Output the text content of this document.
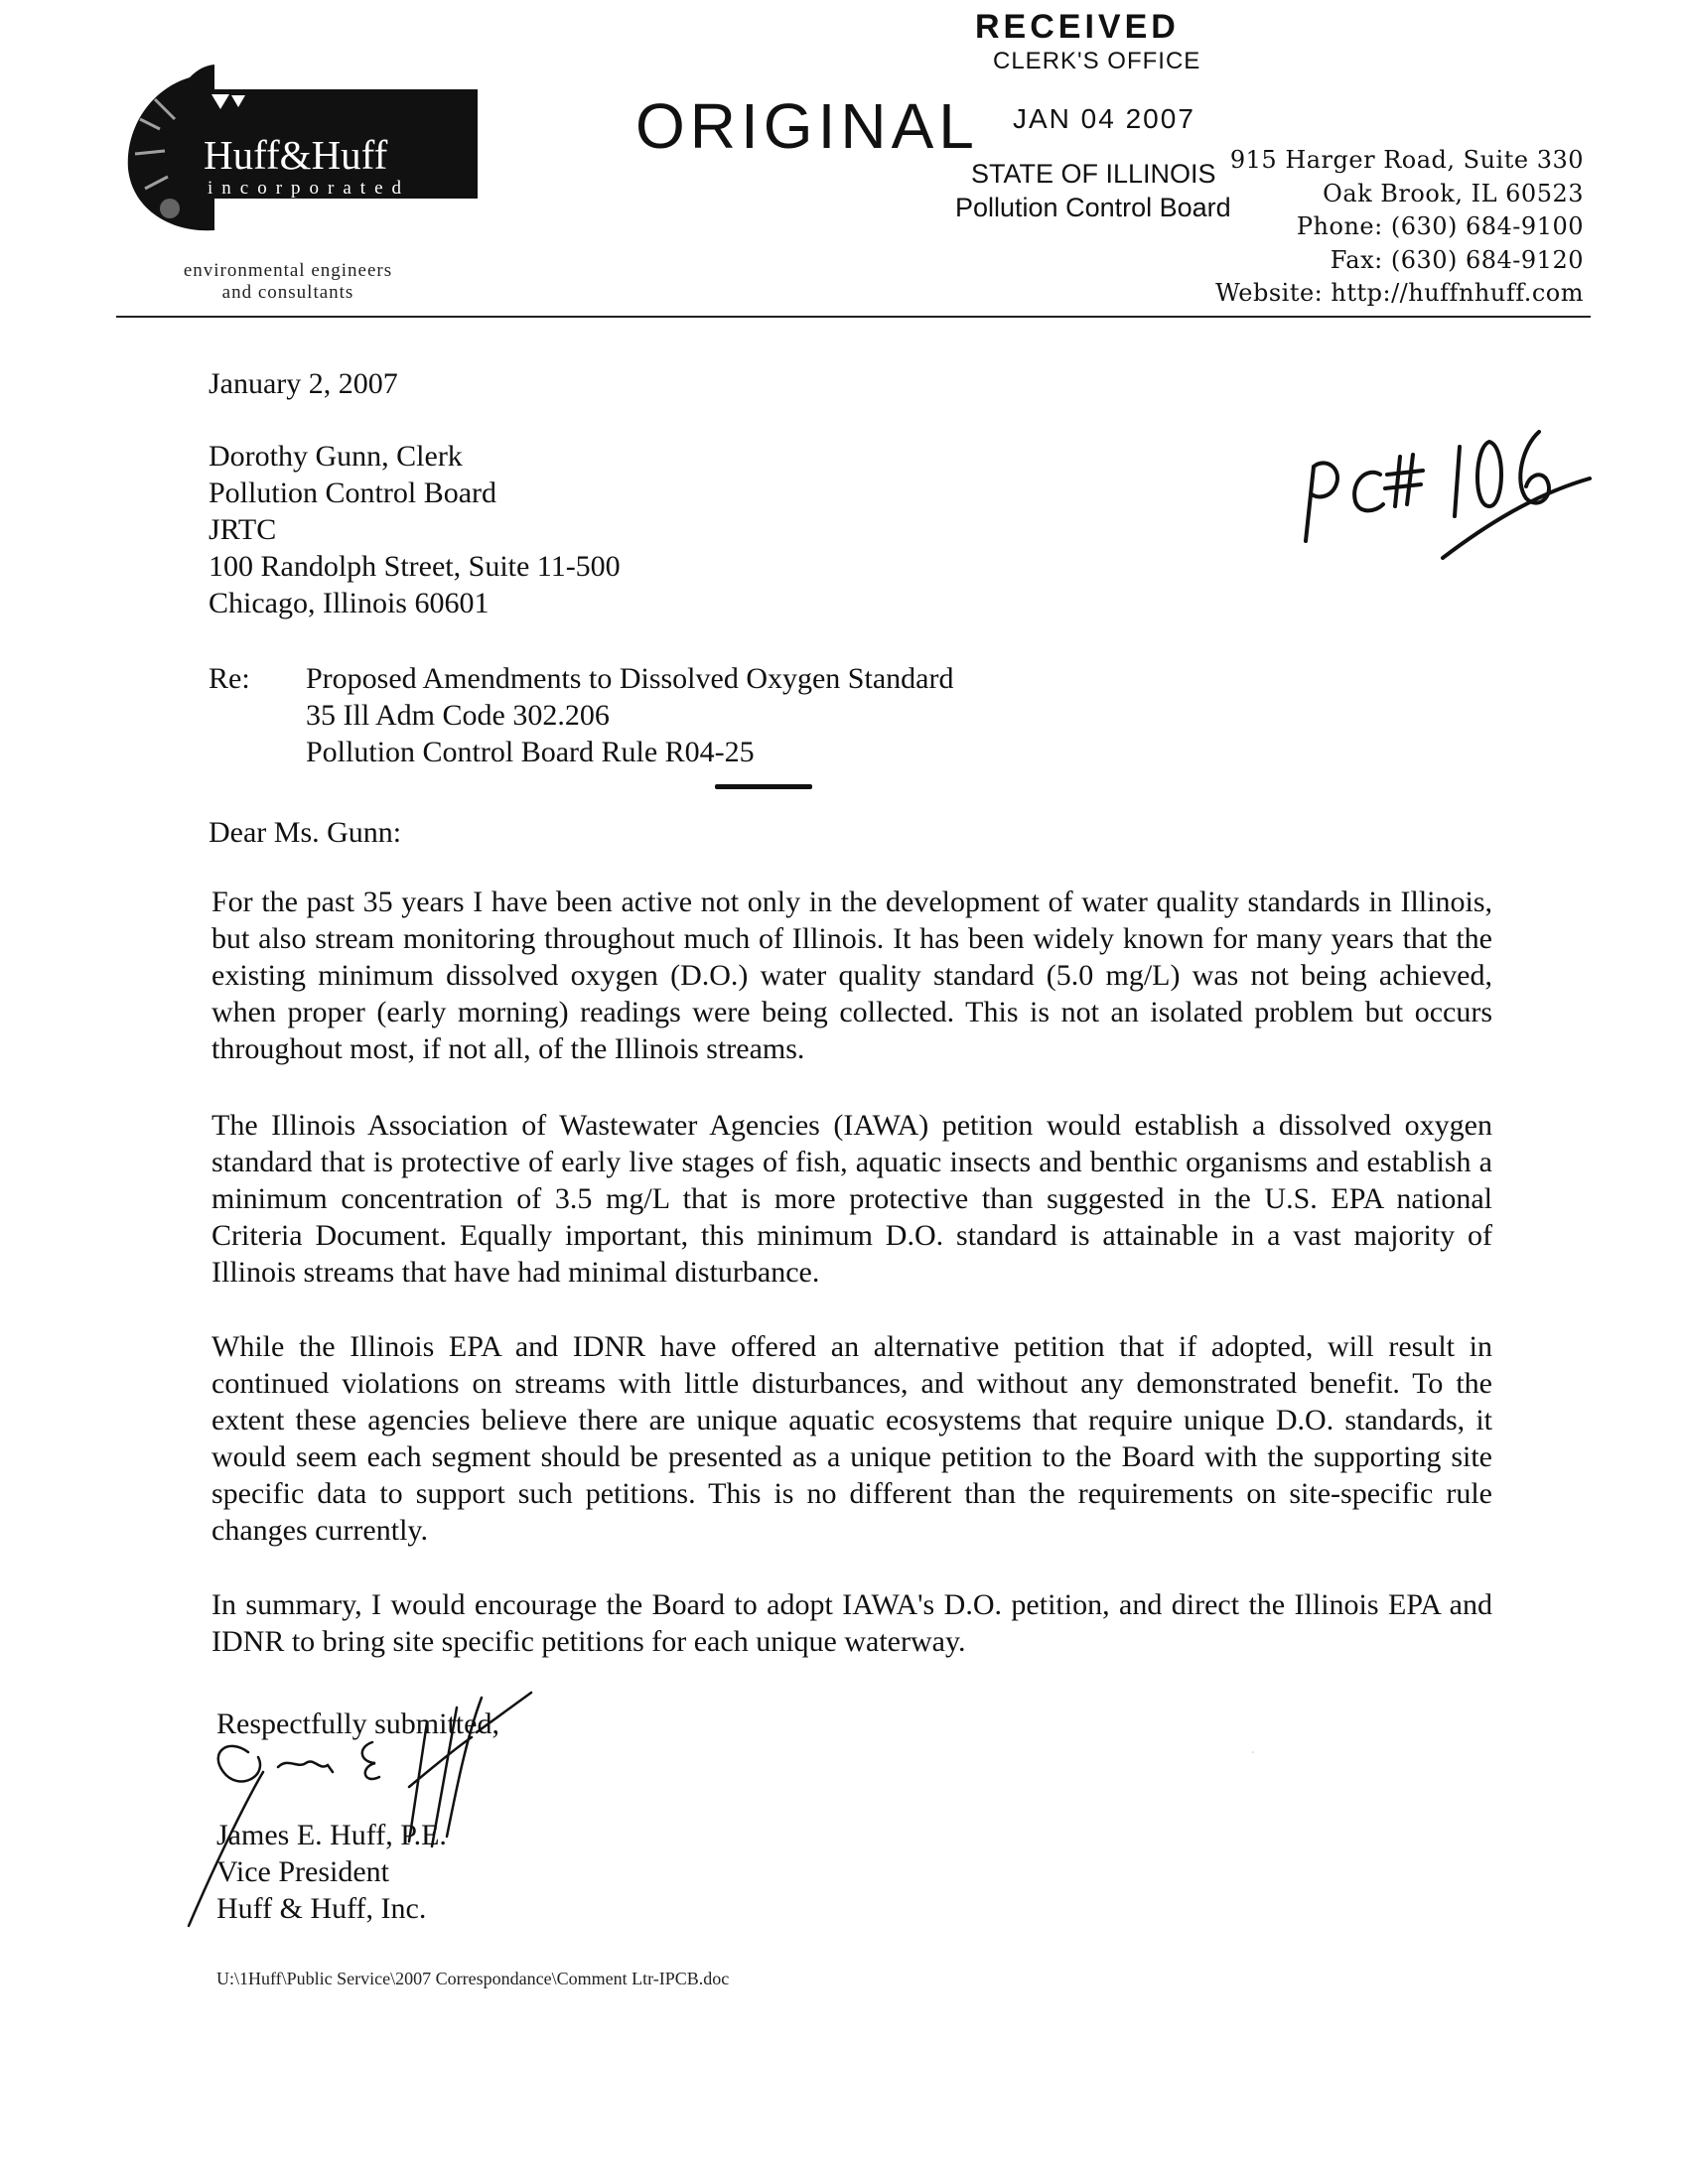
Huff&Huff
incorporated
environmental engineers
and consultants
RECEIVED
CLERK'S OFFICE
ORIGINAL JAN 04 2007
STATE OF ILLINOIS
Pollution Control Board
915 Harger Road, Suite 330
Oak Brook, IL 60523
Phone: (630) 684-9100
Fax: (630) 684-9120
Website: http://huffnhuff.com
January 2, 2007
Dorothy Gunn, Clerk
Pollution Control Board
JRTC
100 Randolph Street, Suite 11-500
Chicago, Illinois 60601
Re: Proposed Amendments to Dissolved Oxygen Standard
35 Ill Adm Code 302.206
Pollution Control Board Rule R04-25
Dear Ms. Gunn:
For the past 35 years I have been active not only in the development of water quality standards in Illinois, but also stream monitoring throughout much of Illinois. It has been widely known for many years that the existing minimum dissolved oxygen (D.O.) water quality standard (5.0 mg/L) was not being achieved, when proper (early morning) readings were being collected. This is not an isolated problem but occurs throughout most, if not all, of the Illinois streams.
The Illinois Association of Wastewater Agencies (IAWA) petition would establish a dissolved oxygen standard that is protective of early live stages of fish, aquatic insects and benthic organisms and establish a minimum concentration of 3.5 mg/L that is more protective than suggested in the U.S. EPA national Criteria Document. Equally important, this minimum D.O. standard is attainable in a vast majority of Illinois streams that have had minimal disturbance.
While the Illinois EPA and IDNR have offered an alternative petition that if adopted, will result in continued violations on streams with little disturbances, and without any demonstrated benefit. To the extent these agencies believe there are unique aquatic ecosystems that require unique D.O. standards, it would seem each segment should be presented as a unique petition to the Board with the supporting site specific data to support such petitions. This is no different than the requirements on site-specific rule changes currently.
In summary, I would encourage the Board to adopt IAWA's D.O. petition, and direct the Illinois EPA and IDNR to bring site specific petitions for each unique waterway.
Respectfully submitted,
James E. Huff, P.E.
Vice President
Huff & Huff, Inc.
U:\1Huff\Public Service\2007 Correspondance\Comment Ltr-IPCB.doc
·
